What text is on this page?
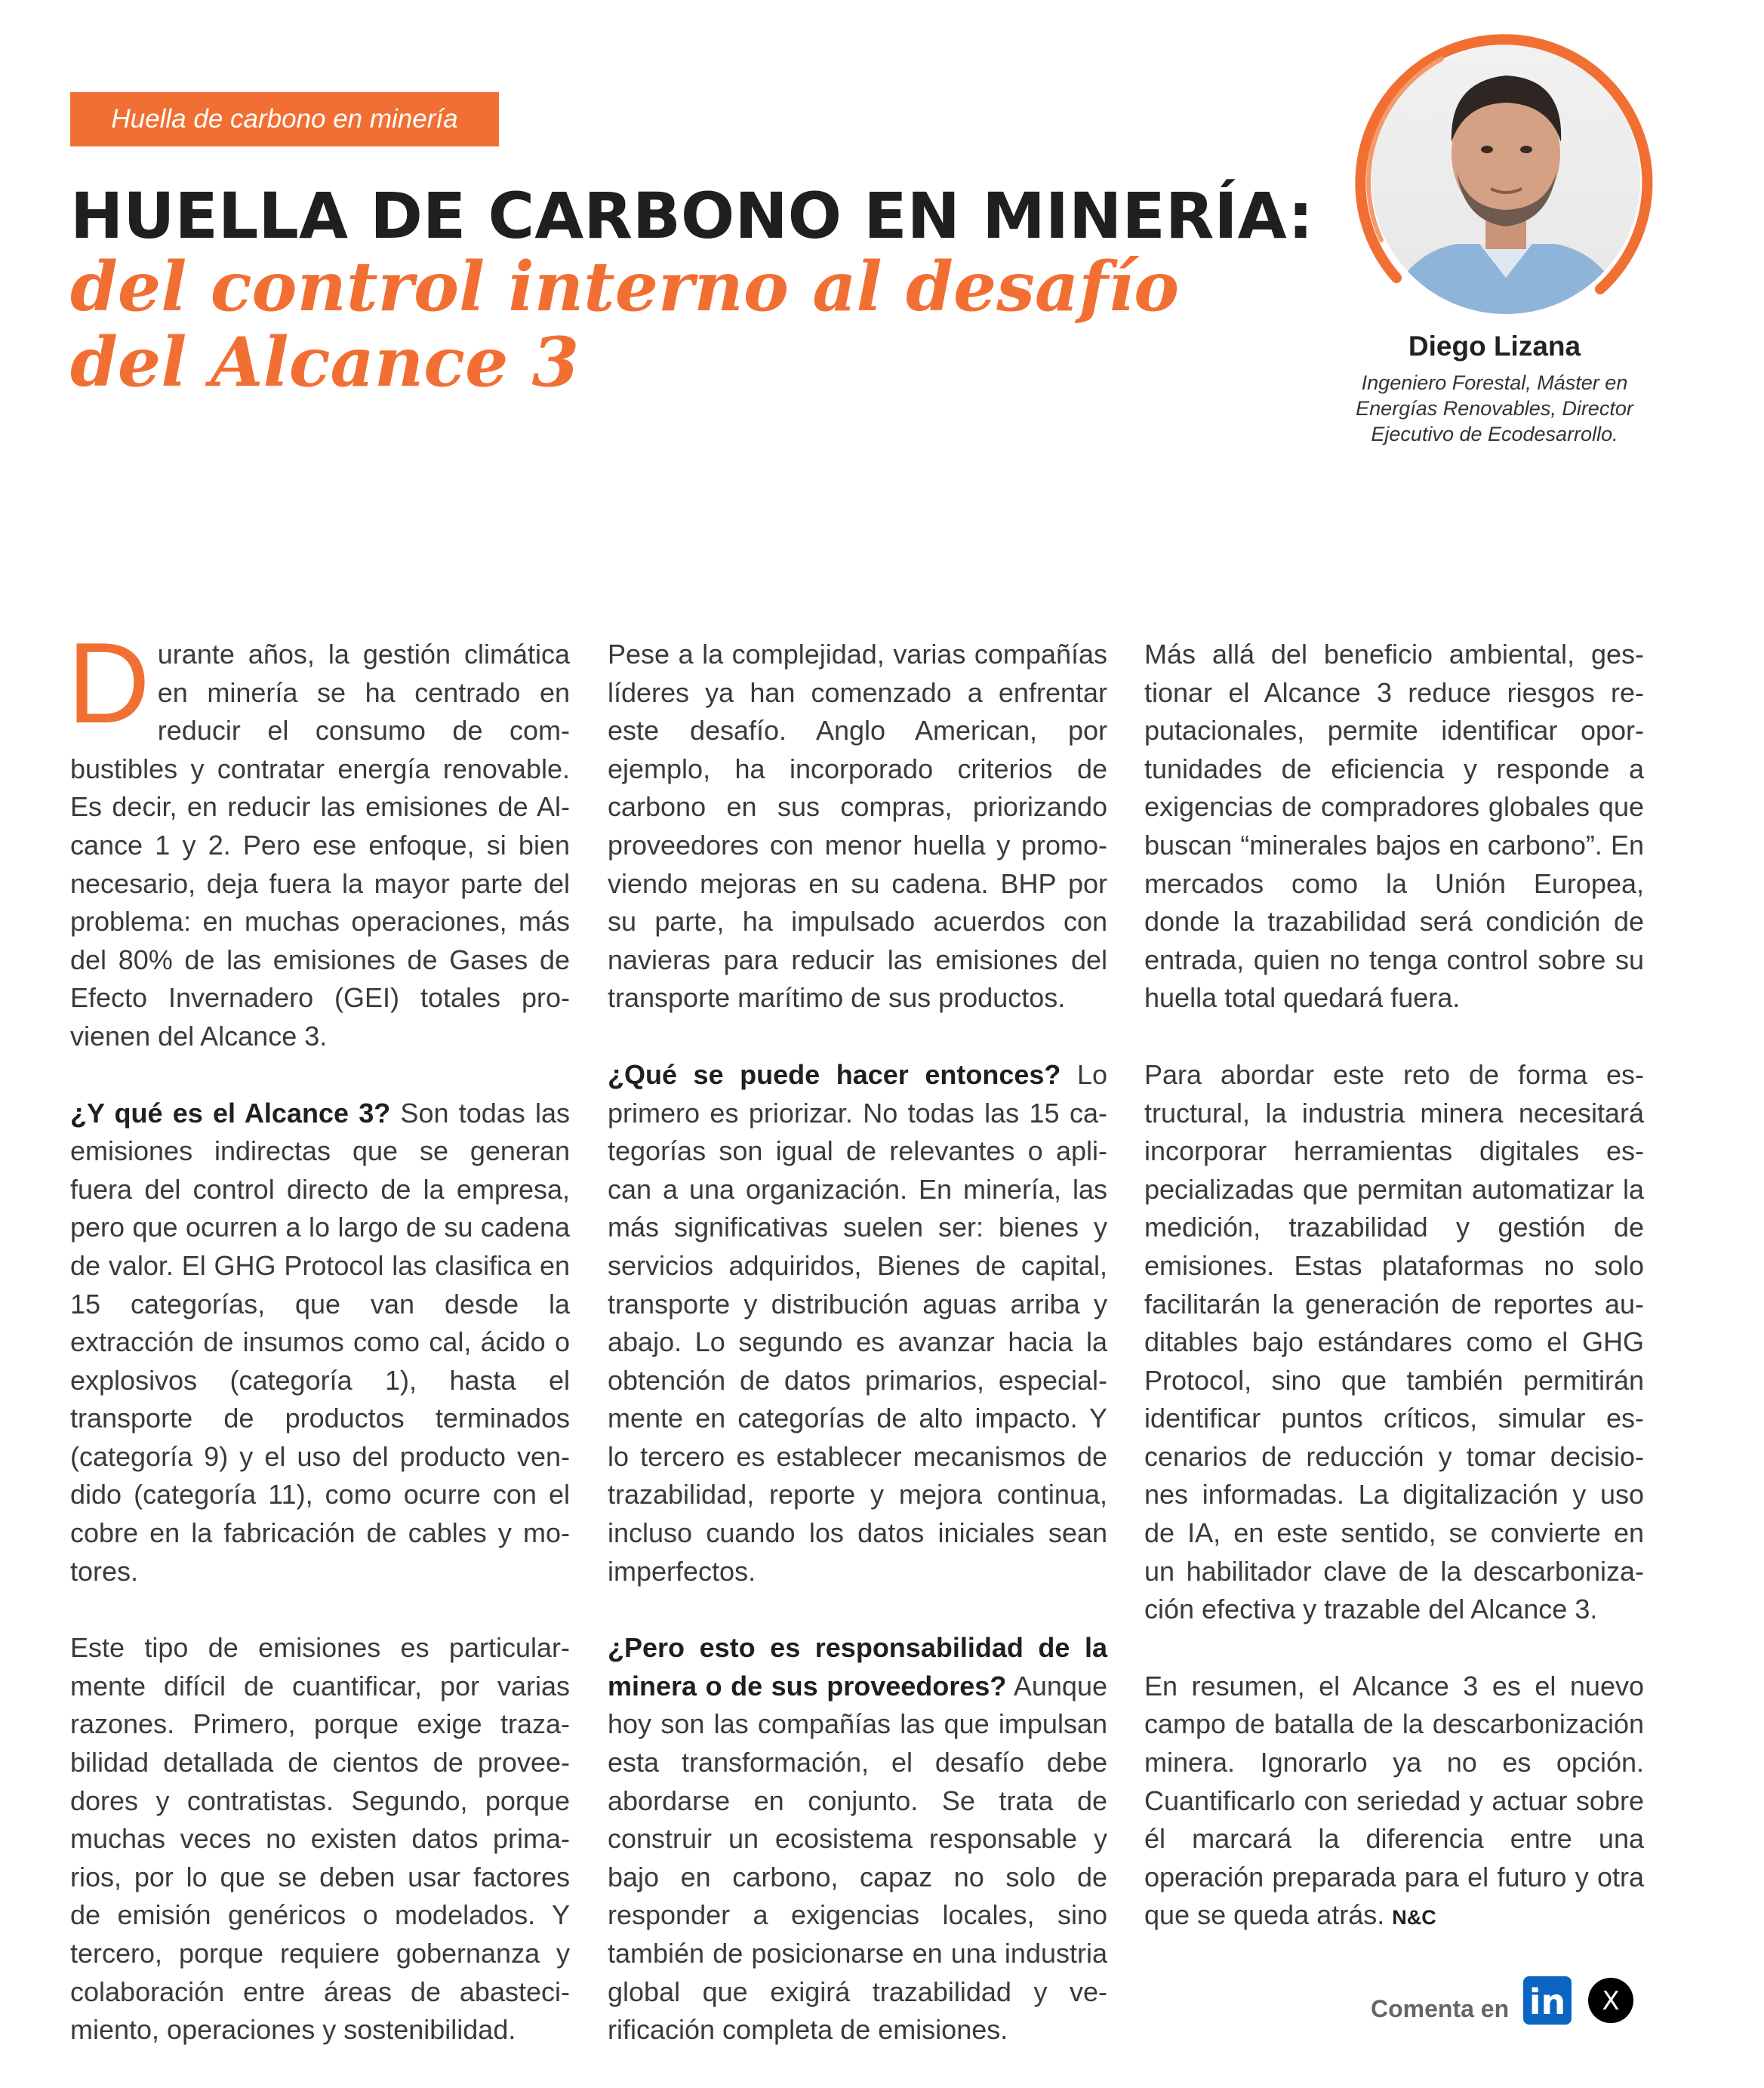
Huella de carbono en minería
HUELLA DE CARBONO EN MINERÍA:
del control interno al desafío del Alcance 3	Diego Lizana
Ingeniero Forestal, Máster en
Energías Renovables, Director
Ejecutivo de Ecodesarrollo.

Durante años, la gestión climática en minería se ha centrado en reducir el consumo de combustibles y contratar energía renovable. Es decir, en reducir las emisiones de Alcance 1 y 2. Pero ese enfoque, si bien necesario, deja fuera la mayor parte del problema: en muchas operaciones, más del 80% de las emisiones de Gases de Efecto Invernadero (GEI) totales provienen del Alcance 3.

¿Y qué es el Alcance 3? Son todas las emisiones indirectas que se generan fuera del control directo de la empresa, pero que ocurren a lo largo de su cadena de valor. El GHG Protocol las clasifica en 15 categorías, que van desde la extracción de insumos como cal, ácido o explosivos (categoría 1), hasta el transporte de productos terminados (categoría 9) y el uso del producto vendido (categoría 11), como ocurre con el cobre en la fabricación de cables y motores.

Este tipo de emisiones es particularmente difícil de cuantificar, por varias razones. Primero, porque exige trazabilidad detallada de cientos de proveedores y contratistas. Segundo, porque muchas veces no existen datos primarios, por lo que se deben usar factores de emisión genéricos o modelados. Y tercero, porque requiere gobernanza y colaboración entre áreas de abastecimiento, operaciones y sostenibilidad.

Pese a la complejidad, varias compañías líderes ya han comenzado a enfrentar este desafío. Anglo American, por ejemplo, ha incorporado criterios de carbono en sus compras, priorizando proveedores con menor huella y promoviendo mejoras en su cadena. BHP por su parte, ha impulsado acuerdos con navieras para reducir las emisiones del transporte marítimo de sus productos.

¿Qué se puede hacer entonces? Lo primero es priorizar. No todas las 15 categorías son igual de relevantes o aplican a una organización. En minería, las más significativas suelen ser: bienes y servicios adquiridos, Bienes de capital, transporte y distribución aguas arriba y abajo. Lo segundo es avanzar hacia la obtención de datos primarios, especialmente en categorías de alto impacto. Y lo tercero es establecer mecanismos de trazabilidad, reporte y mejora continua, incluso cuando los datos iniciales sean imperfectos.

¿Pero esto es responsabilidad de la minera o de sus proveedores? Aunque hoy son las compañías las que impulsan esta transformación, el desafío debe abordarse en conjunto. Se trata de construir un ecosistema responsable y bajo en carbono, capaz no solo de responder a exigencias locales, sino también de posicionarse en una industria global que exigirá trazabilidad y verificación completa de emisiones.

Más allá del beneficio ambiental, gestionar el Alcance 3 reduce riesgos reputacionales, permite identificar oportunidades de eficiencia y responde a exigencias de compradores globales que buscan “minerales bajos en carbono”. En mercados como la Unión Europea, donde la trazabilidad será condición de entrada, quien no tenga control sobre su huella total quedará fuera.

Para abordar este reto de forma estructural, la industria minera necesitará incorporar herramientas digitales especializadas que permitan automatizar la medición, trazabilidad y gestión de emisiones. Estas plataformas no solo facilitarán la generación de reportes auditables bajo estándares como el GHG Protocol, sino que también permitirán identificar puntos críticos, simular escenarios de reducción y tomar decisiones informadas. La digitalización y uso de IA, en este sentido, se convierte en un habilitador clave de la descarbonización efectiva y trazable del Alcance 3.

En resumen, el Alcance 3 es el nuevo campo de batalla de la descarbonización minera. Ignorarlo ya no es opción. Cuantificarlo con seriedad y actuar sobre él marcará la diferencia entre una operación preparada para el futuro y otra que se queda atrás. N&C

Comenta en in X
